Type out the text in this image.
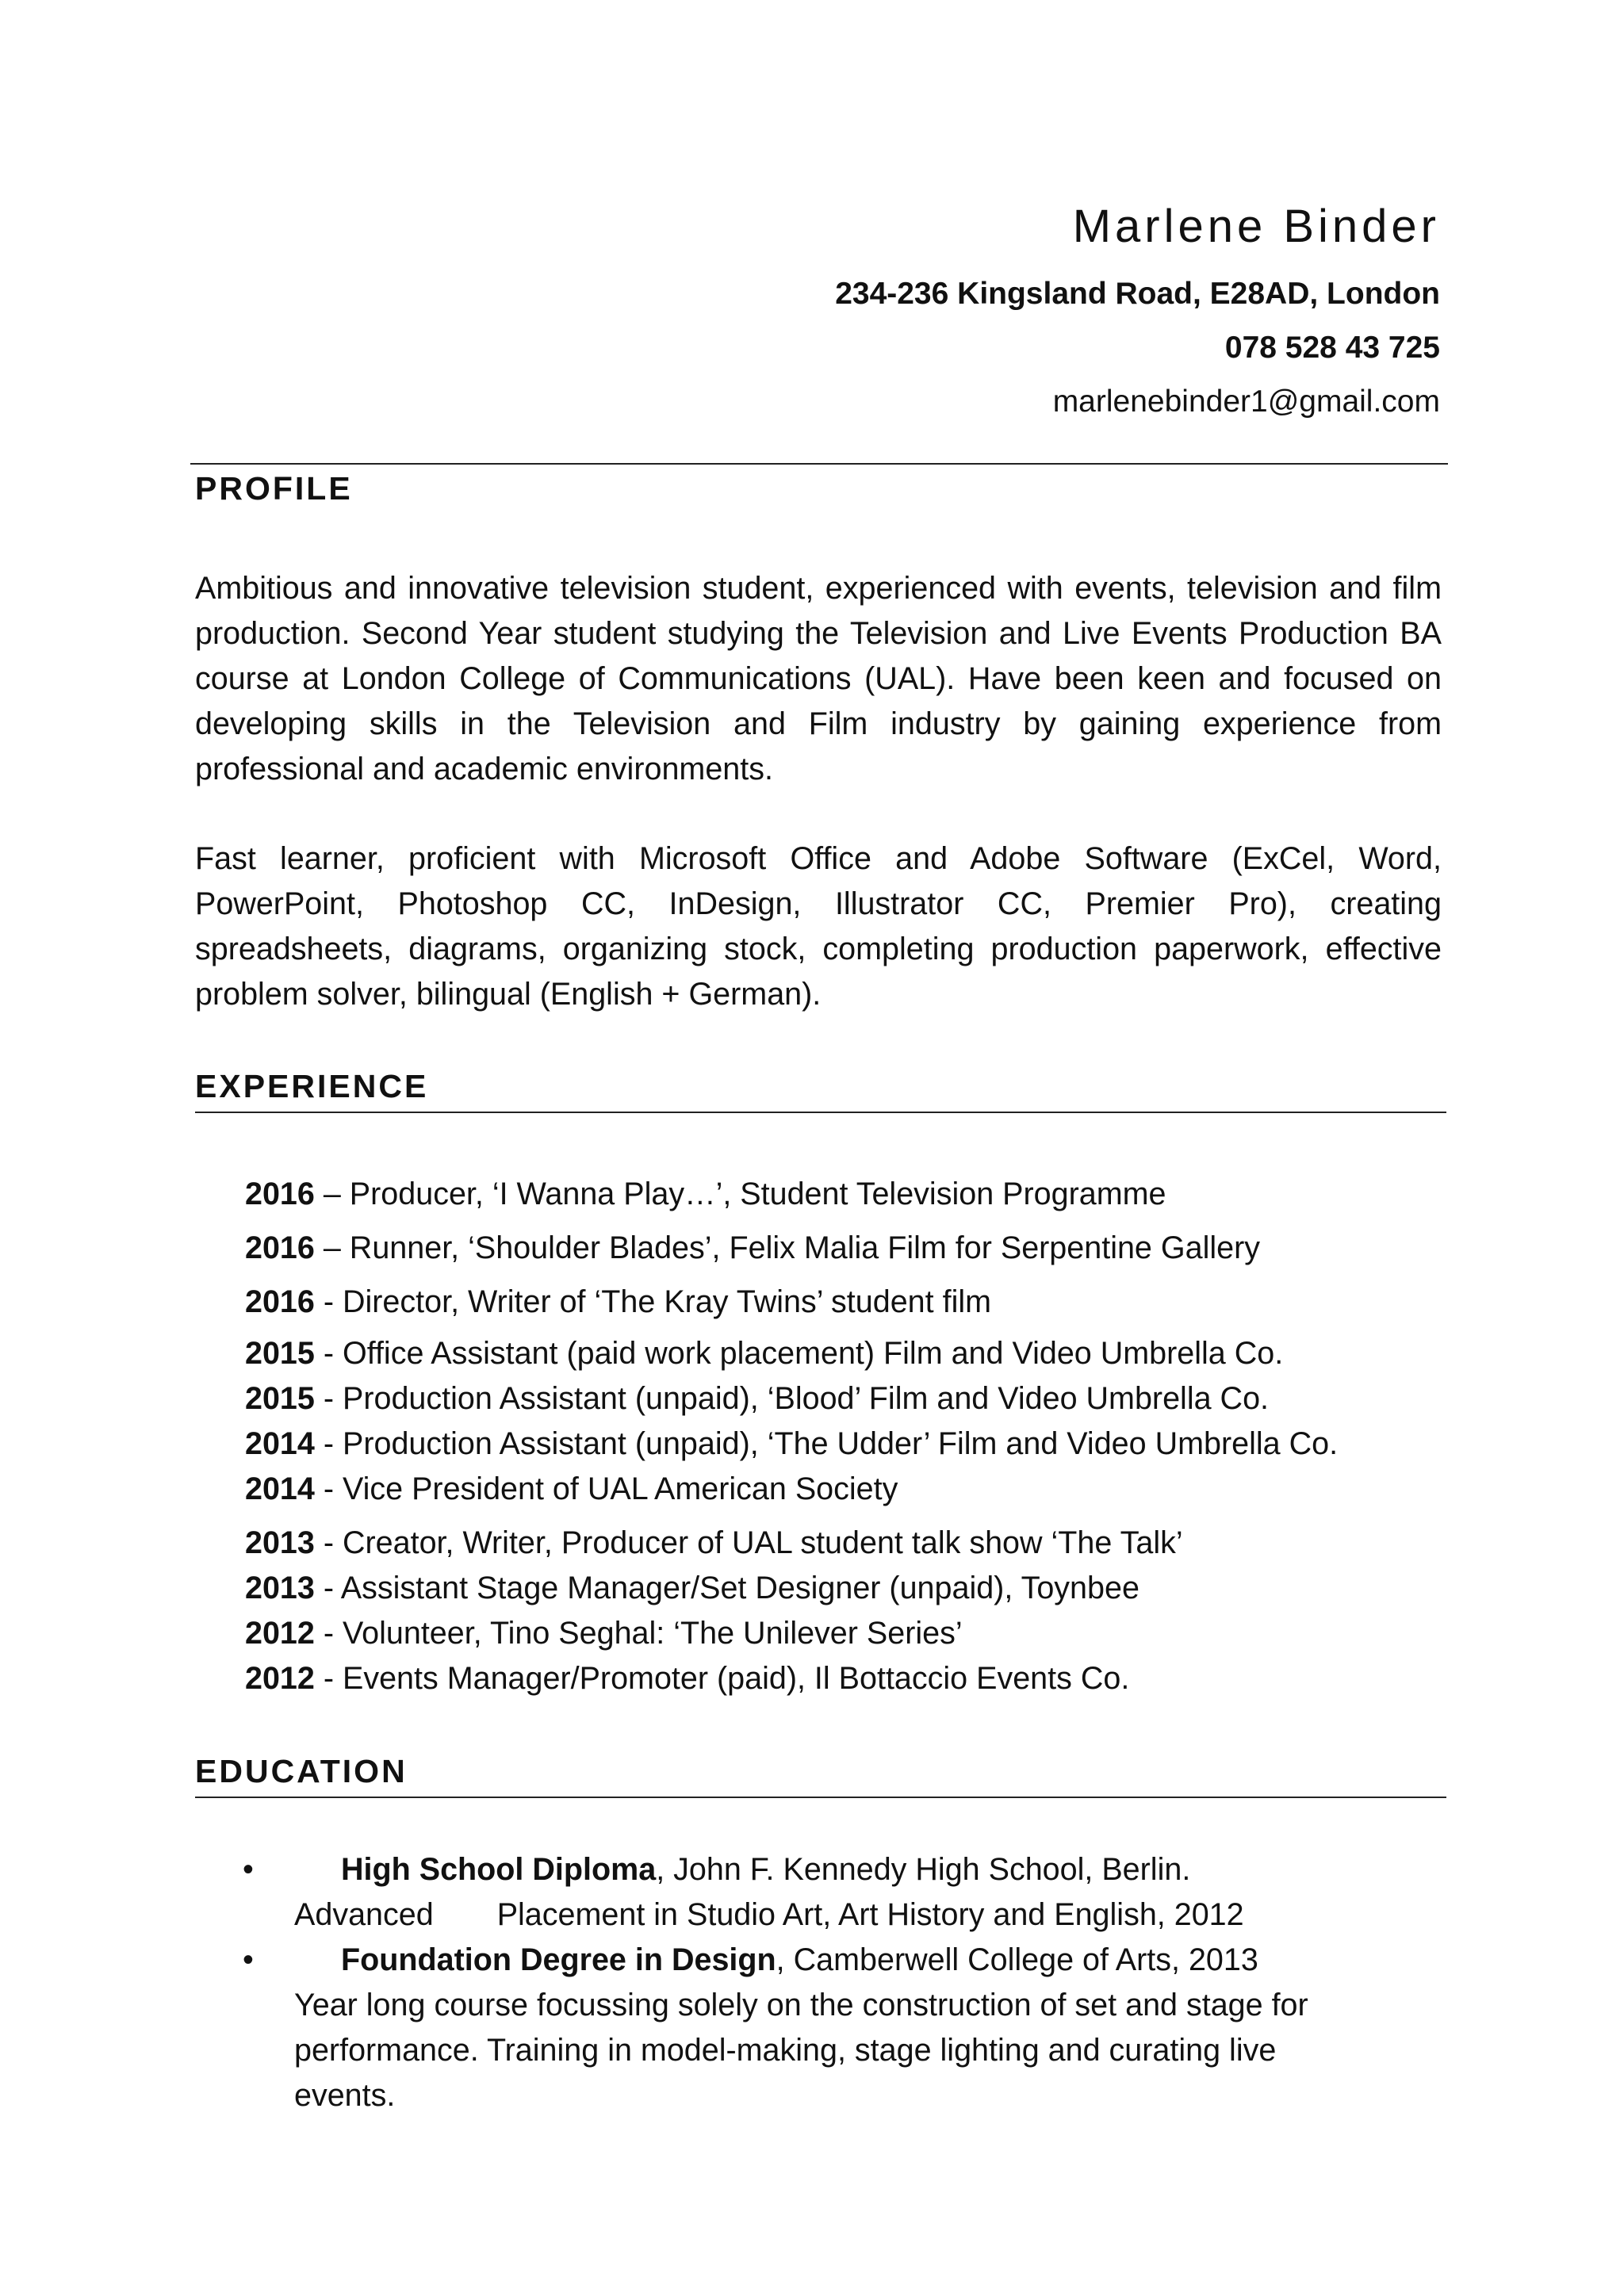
Marlene Binder
234-236 Kingsland Road, E28AD, London
078 528 43 725
marlenebinder1@gmail.com
PROFILE

Ambitious and innovative television student, experienced with events, television and film production. Second Year student studying the Television and Live Events Production BA course at London College of Communications (UAL). Have been keen and focused on developing skills in the Television and Film industry by gaining experience from professional and academic environments.

Fast learner, proficient with Microsoft Office and Adobe Software (ExCel, Word, PowerPoint, Photoshop CC, InDesign, Illustrator CC, Premier Pro), creating spreadsheets, diagrams, organizing stock, completing production paperwork, effective problem solver, bilingual (English + German).

EXPERIENCE
2016 – Producer, ‘I Wanna Play…’, Student Television Programme
2016 – Runner, ‘Shoulder Blades’, Felix Malia Film for Serpentine Gallery
2016 - Director, Writer of ‘The Kray Twins’ student film
2015 - Office Assistant (paid work placement) Film and Video Umbrella Co.
2015 - Production Assistant (unpaid), ‘Blood’ Film and Video Umbrella Co.
2014 - Production Assistant (unpaid), ‘The Udder’ Film and Video Umbrella Co.
2014 - Vice President of UAL American Society
2013 - Creator, Writer, Producer of UAL student talk show ‘The Talk’
2013 - Assistant Stage Manager/Set Designer (unpaid), Toynbee
2012 - Volunteer, Tino Seghal: ‘The Unilever Series’
2012 - Events Manager/Promoter (paid), Il Bottaccio Events Co.
EDUCATION
•	High School Diploma, John F. Kennedy High School, Berlin.
Advanced Placement in Studio Art, Art History and English, 2012
•	Foundation Degree in Design, Camberwell College of Arts, 2013
Year long course focussing solely on the construction of set and stage for
performance. Training in model-making, stage lighting and curating live
events.
